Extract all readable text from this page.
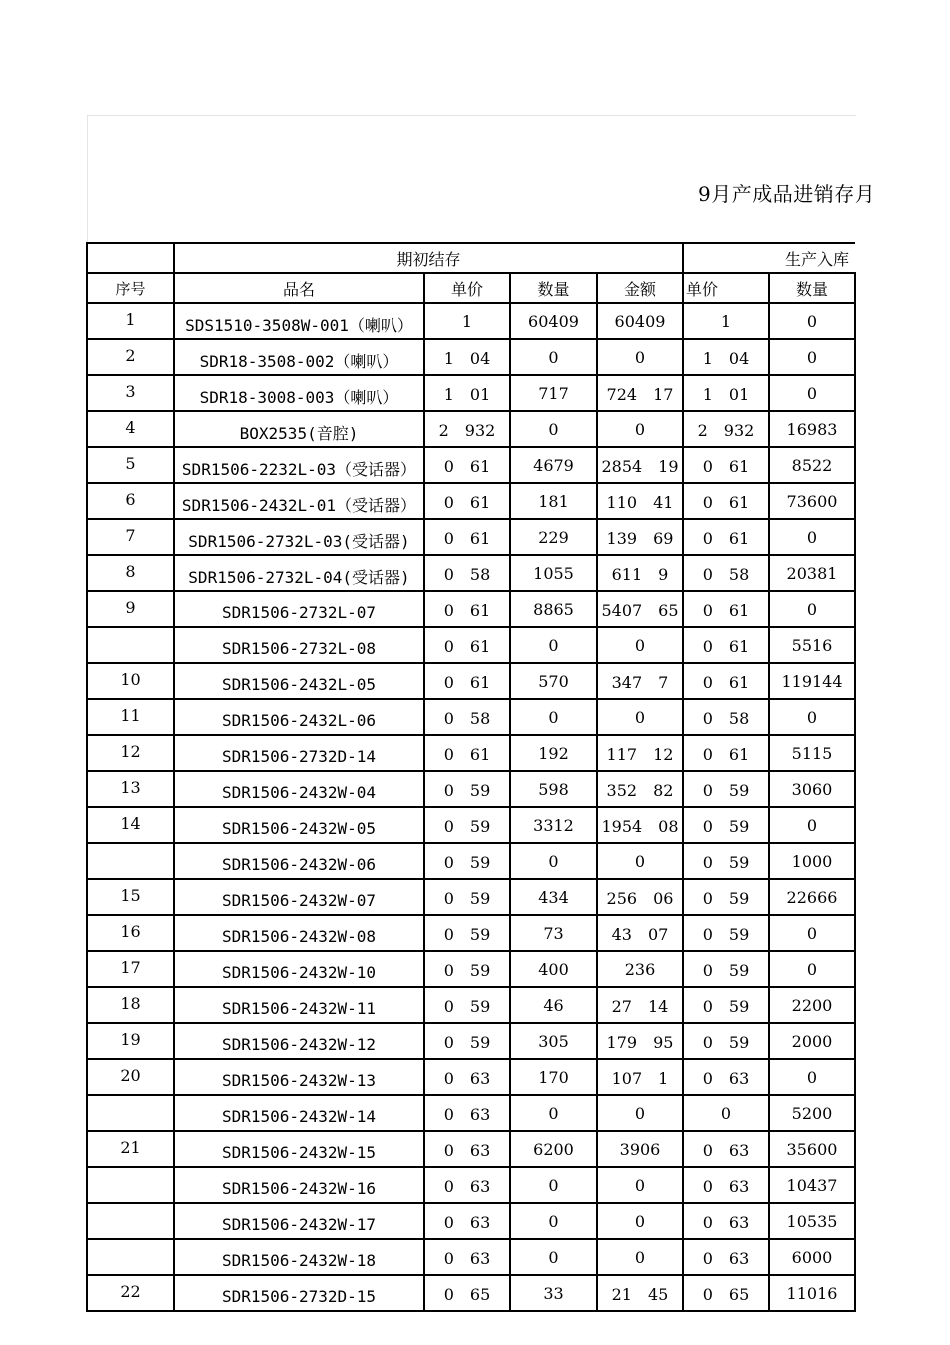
9月产成品进销存月
	期初结存				生产入库	
序号	品名	单价	数量	金额	单价	数量
1	SDS1510-3508W-001（喇叭）	1	60409	60409	1	0
2	SDR18-3508-002（喇叭）	1　04	0	0	1　04	0
3	SDR18-3008-003（喇叭）	1　01	717	724　17	1　01	0
4	BOX2535(音腔)	2　932	0	0	2　932	16983
5	SDR1506-2232L-03（受话器）	0　61	4679	2854　19	0　61	8522
6	SDR1506-2432L-01（受话器）	0　61	181	110　41	0　61	73600
7	SDR1506-2732L-03(受话器)	0　61	229	139　69	0　61	0
8	SDR1506-2732L-04(受话器)	0　58	1055	611　9	0　58	20381
9	SDR1506-2732L-07	0　61	8865	5407　65	0　61	0
	SDR1506-2732L-08	0　61	0	0	0　61	5516
10	SDR1506-2432L-05	0　61	570	347　7	0　61	119144
11	SDR1506-2432L-06	0　58	0	0	0　58	0
12	SDR1506-2732D-14	0　61	192	117　12	0　61	5115
13	SDR1506-2432W-04	0　59	598	352　82	0　59	3060
14	SDR1506-2432W-05	0　59	3312	1954　08	0　59	0
	SDR1506-2432W-06	0　59	0	0	0　59	1000
15	SDR1506-2432W-07	0　59	434	256　06	0　59	22666
16	SDR1506-2432W-08	0　59	73	43　07	0　59	0
17	SDR1506-2432W-10	0　59	400	236	0　59	0
18	SDR1506-2432W-11	0　59	46	27　14	0　59	2200
19	SDR1506-2432W-12	0　59	305	179　95	0　59	2000
20	SDR1506-2432W-13	0　63	170	107　1	0　63	0
	SDR1506-2432W-14	0　63	0	0	0	5200
21	SDR1506-2432W-15	0　63	6200	3906	0　63	35600
	SDR1506-2432W-16	0　63	0	0	0　63	10437
	SDR1506-2432W-17	0　63	0	0	0　63	10535
	SDR1506-2432W-18	0　63	0	0	0　63	6000
22	SDR1506-2732D-15	0　65	33	21　45	0　65	11016
